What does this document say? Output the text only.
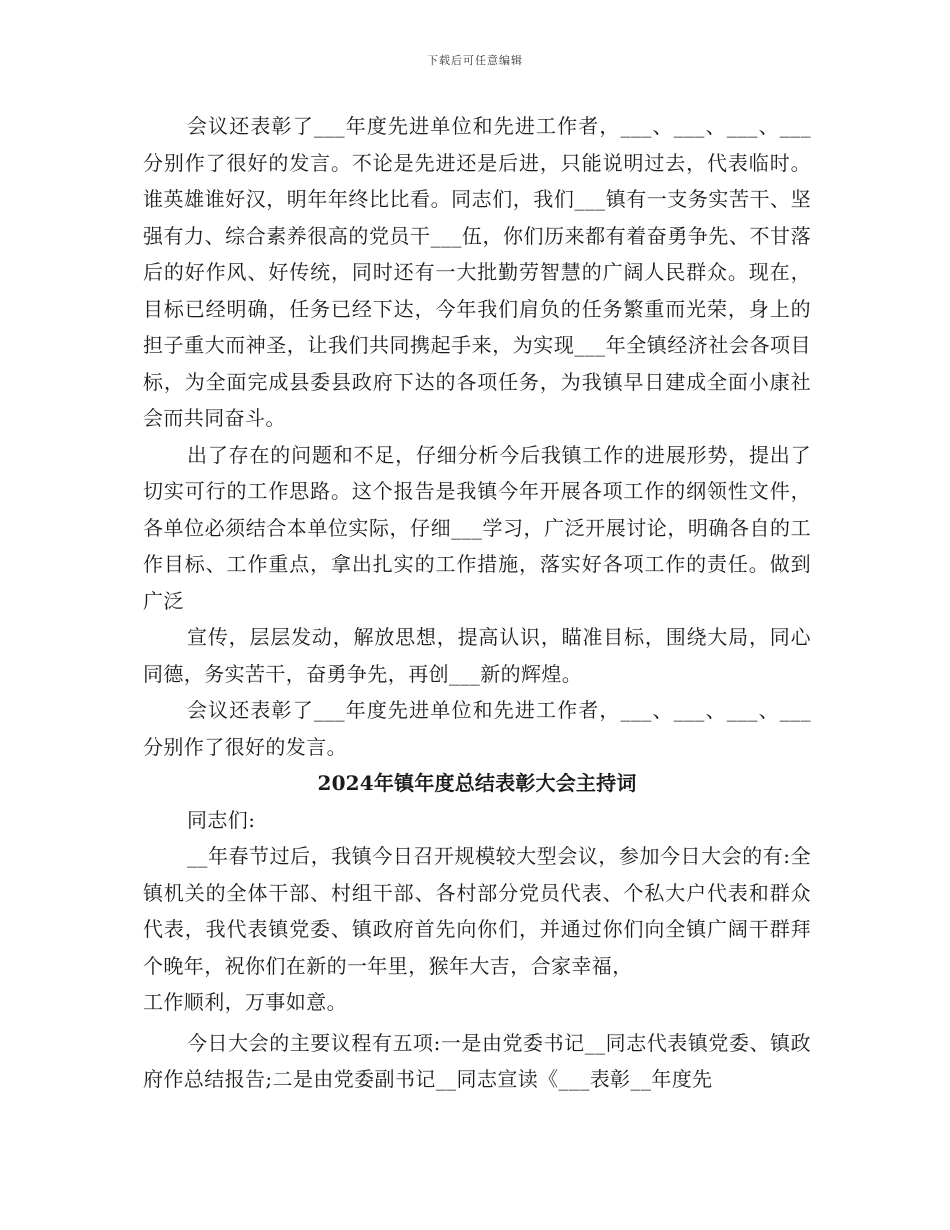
下载后可任意编辑

会议还表彰了___年度先进单位和先进工作者，___、___、___、___分别作了很好的发言。不论是先进还是后进，只能说明过去，代表临时。谁英雄谁好汉，明年年终比比看。同志们，我们___镇有一支务实苦干、坚强有力、综合素养很高的党员干___伍，你们历来都有着奋勇争先、不甘落后的好作风、好传统，同时还有一大批勤劳智慧的广阔人民群众。现在，目标已经明确，任务已经下达，今年我们肩负的任务繁重而光荣，身上的担子重大而神圣，让我们共同携起手来，为实现___年全镇经济社会各项目标，为全面完成县委县政府下达的各项任务，为我镇早日建成全面小康社会而共同奋斗。

出了存在的问题和不足，仔细分析今后我镇工作的进展形势，提出了切实可行的工作思路。这个报告是我镇今年开展各项工作的纲领性文件，各单位必须结合本单位实际，仔细___学习，广泛开展讨论，明确各自的工作目标、工作重点，拿出扎实的工作措施，落实好各项工作的责任。做到广泛

宣传，层层发动，解放思想，提高认识，瞄准目标，围绕大局，同心同德，务实苦干，奋勇争先，再创___新的辉煌。

会议还表彰了___年度先进单位和先进工作者，___、___、___、___分别作了很好的发言。

2024年镇年度总结表彰大会主持词

同志们:

__年春节过后，我镇今日召开规模较大型会议，参加今日大会的有:全镇机关的全体干部、村组干部、各村部分党员代表、个私大户代表和群众代表，我代表镇党委、镇政府首先向你们，并通过你们向全镇广阔干群拜个晚年，祝你们在新的一年里，猴年大吉，合家幸福，

工作顺利，万事如意。

今日大会的主要议程有五项:一是由党委书记__同志代表镇党委、镇政府作总结报告;二是由党委副书记__同志宣读《___表彰__年度先
